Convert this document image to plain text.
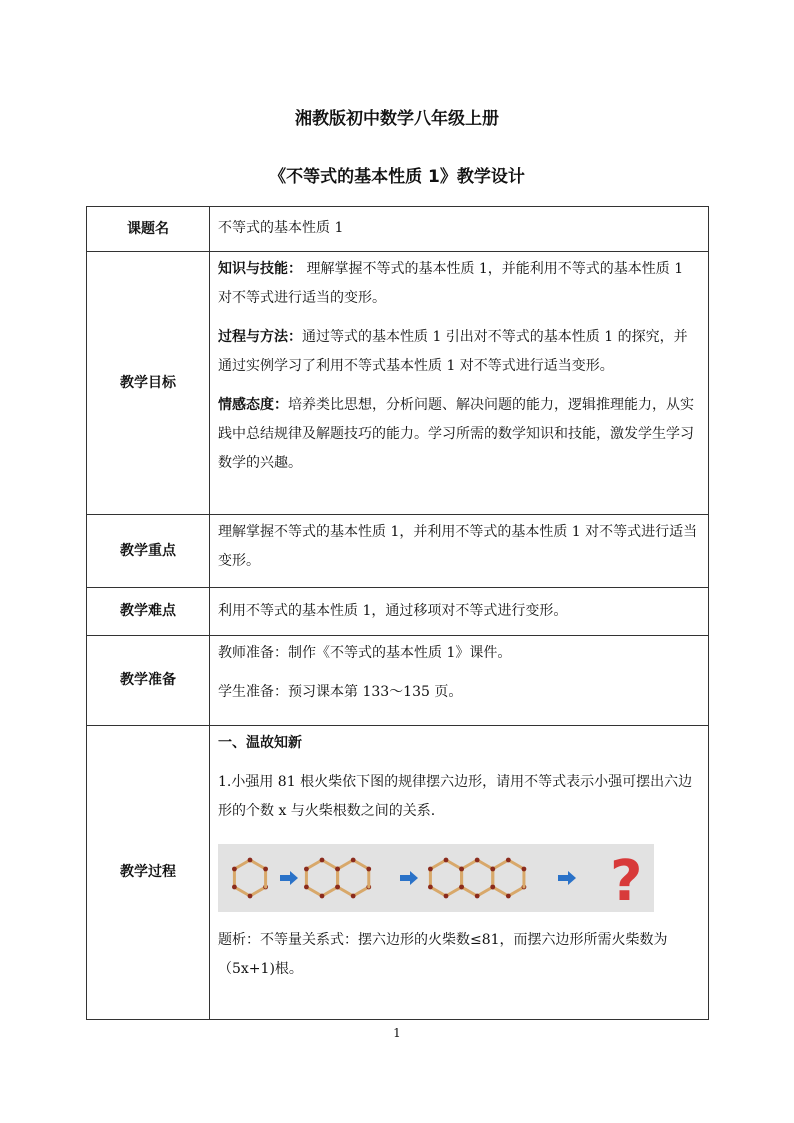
湘教版初中数学八年级上册
《不等式的基本性质 1》教学设计
课题名	不等式的基本性质 1
教学目标	知识与技能： 理解掌握不等式的基本性质 1，并能利用不等式的基本性质 1 对不等式进行适当的变形。

过程与方法：通过等式的基本性质 1 引出对不等式的基本性质 1 的探究，并通过实例学习了利用不等式基本性质 1 对不等式进行适当变形。

情感态度：培养类比思想，分析问题、解决问题的能力，逻辑推理能力，从实践中总结规律及解题技巧的能力。学习所需的数学知识和技能，激发学生学习数学的兴趣。

教学重点	理解掌握不等式的基本性质 1，并利用不等式的基本性质 1 对不等式进行适当变形。
教学难点	利用不等式的基本性质 1，通过移项对不等式进行变形。
教学准备	教师准备：制作《不等式的基本性质 1》课件。

学生准备：预习课本第 133～135 页。

教学过程	一、温故知新

1.小强用 81 根火柴依下图的规律摆六边形，请用不等式表示小强可摆出六边形的个数 x 与火柴根数之间的关系.

?

题析：不等量关系式：摆六边形的火柴数≤81，而摆六边形所需火柴数为（5x+1)根。

1
